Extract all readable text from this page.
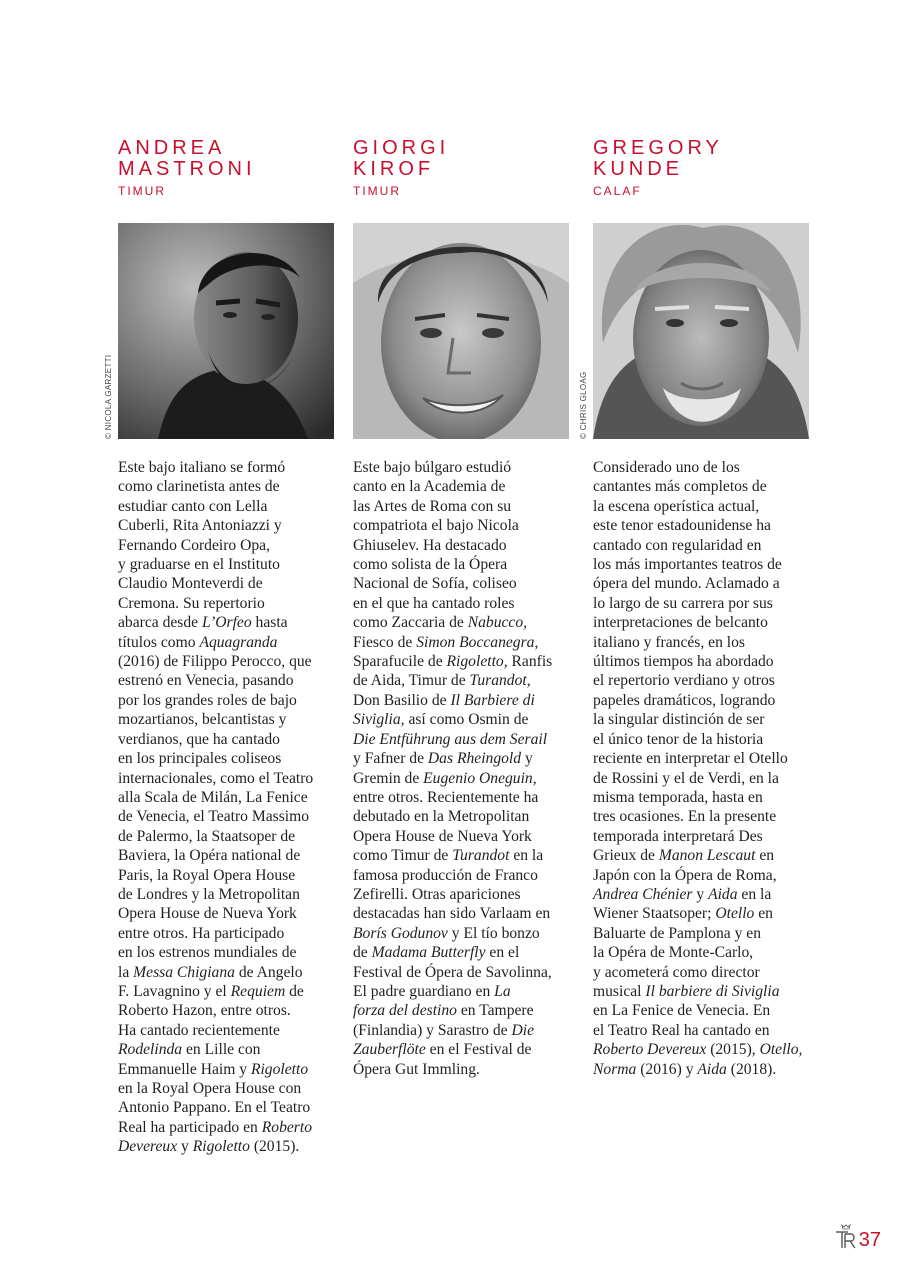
ANDREA
MASTRONI
TIMUR
© NICOLA GARZETTI

Este bajo italiano se formó
como clarinetista antes de
estudiar canto con Lella
Cuberli, Rita Antoniazzi y
Fernando Cordeiro Opa,
y graduarse en el Instituto
Claudio Monteverdi de
Cremona. Su repertorio
abarca desde L’Orfeo hasta
títulos como Aquagranda
(2016) de Filippo Perocco, que
estrenó en Venecia, pasando
por los grandes roles de bajo
mozartianos, belcantistas y
verdianos, que ha cantado
en los principales coliseos
internacionales, como el Teatro
alla Scala de Milán, La Fenice
de Venecia, el Teatro Massimo
de Palermo, la Staatsoper de
Baviera, la Opéra national de
Paris, la Royal Opera House
de Londres y la Metropolitan
Opera House de Nueva York
entre otros. Ha participado
en los estrenos mundiales de
la Messa Chigiana de Angelo
F. Lavagnino y el Requiem de
Roberto Hazon, entre otros.
Ha cantado recientemente
Rodelinda en Lille con
Emmanuelle Haim y Rigoletto
en la Royal Opera House con
Antonio Pappano. En el Teatro
Real ha participado en Roberto
Devereux y Rigoletto (2015).

GIORGI
KIROF
TIMUR

Este bajo búlgaro estudió
canto en la Academia de
las Artes de Roma con su
compatriota el bajo Nicola
Ghiuselev. Ha destacado
como solista de la Ópera
Nacional de Sofía, coliseo
en el que ha cantado roles
como Zaccaria de Nabucco,
Fiesco de Simon Boccanegra,
Sparafucile de Rigoletto, Ranfis
de Aida, Timur de Turandot,
Don Basilio de Il Barbiere di
Siviglia, así como Osmin de
Die Entführung aus dem Serail
y Fafner de Das Rheingold y
Gremin de Eugenio Oneguin,
entre otros. Recientemente ha
debutado en la Metropolitan
Opera House de Nueva York
como Timur de Turandot en la
famosa producción de Franco
Zefirelli. Otras apariciones
destacadas han sido Varlaam en
Borís Godunov y El tío bonzo
de Madama Butterfly en el
Festival de Ópera de Savolinna,
El padre guardiano en La
forza del destino en Tampere
(Finlandia) y Sarastro de Die
Zauberflöte en el Festival de
Ópera Gut Immling.

GREGORY
KUNDE
CALAF
© CHRIS GLOAG

Considerado uno de los
cantantes más completos de
la escena operística actual,
este tenor estadounidense ha
cantado con regularidad en
los más importantes teatros de
ópera del mundo. Aclamado a
lo largo de su carrera por sus
interpretaciones de belcanto
italiano y francés, en los
últimos tiempos ha abordado
el repertorio verdiano y otros
papeles dramáticos, logrando
la singular distinción de ser
el único tenor de la historia
reciente en interpretar el Otello
de Rossini y el de Verdi, en la
misma temporada, hasta en
tres ocasiones. En la presente
temporada interpretará Des
Grieux de Manon Lescaut en
Japón con la Ópera de Roma,
Andrea Chénier y Aida en la
Wiener Staatsoper; Otello en
Baluarte de Pamplona y en
la Opéra de Monte-Carlo,
y acometerá como director
musical Il barbiere di Siviglia
en La Fenice de Venecia. En
el Teatro Real ha cantado en
Roberto Devereux (2015), Otello,
Norma (2016) y Aida (2018).

37
